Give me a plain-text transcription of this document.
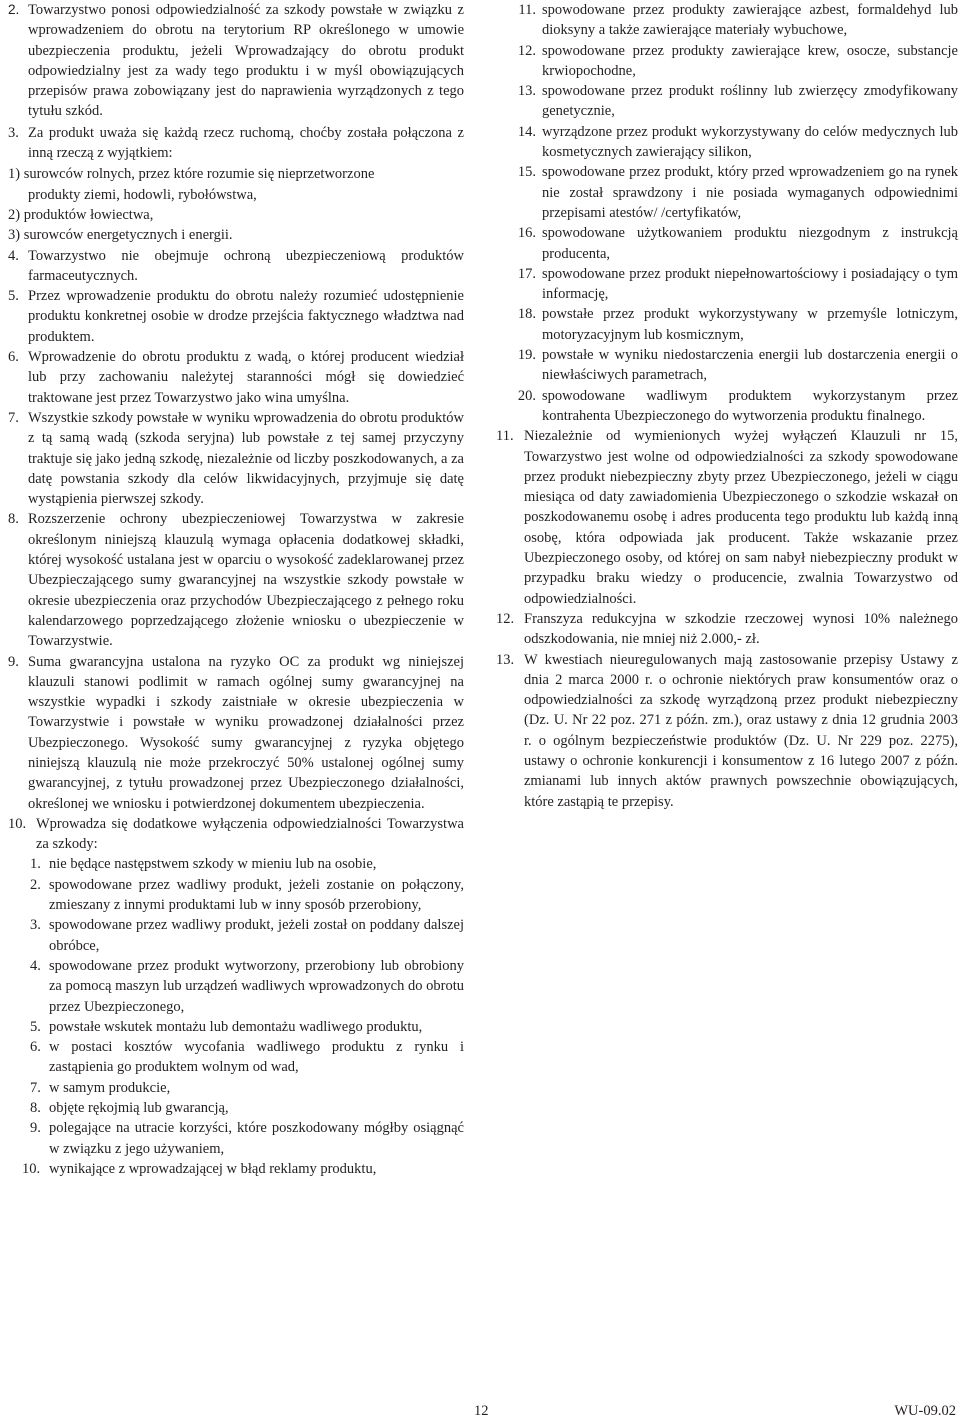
2. Towarzystwo ponosi odpowiedzialność za szkody powstałe w związku z wprowadzeniem do obrotu na terytorium RP określonego w umowie ubezpieczenia produktu, jeżeli Wprowadzający do obrotu produkt odpowiedzialny jest za wady tego produktu i w myśl obowiązujących przepisów prawa zobowiązany jest do naprawienia wyrządzonych z tego tytułu szkód.
3. Za produkt uważa się każdą rzecz ruchomą, choćby została połączona z inną rzeczą z wyjątkiem:
1) surowców rolnych, przez które rozumie się nieprzetworzone
produkty ziemi, hodowli, rybołówstwa,
2) produktów łowiectwa,
3) surowców energetycznych i energii.
4. Towarzystwo nie obejmuje ochroną ubezpieczeniową produktów farmaceutycznych.
5. Przez wprowadzenie produktu do obrotu należy rozumieć udostępnienie produktu konkretnej osobie w drodze przejścia faktycznego władztwa nad produktem.
6. Wprowadzenie do obrotu produktu z wadą, o której producent wiedział lub przy zachowaniu należytej staranności mógł się dowiedzieć traktowane jest przez Towarzystwo jako wina umyślna.
7. Wszystkie szkody powstałe w wyniku wprowadzenia do obrotu produktów z tą samą wadą (szkoda seryjna) lub powstałe z tej samej przyczyny traktuje się jako jedną szkodę, niezależnie od liczby poszkodowanych, a za datę powstania szkody dla celów likwidacyjnych, przyjmuje się datę wystąpienia pierwszej szkody.
8. Rozszerzenie ochrony ubezpieczeniowej Towarzystwa w zakresie określonym niniejszą klauzulą wymaga opłacenia dodatkowej składki, której wysokość ustalana jest w oparciu o wysokość zadeklarowanej przez Ubezpieczającego sumy gwarancyjnej na wszystkie szkody powstałe w okresie ubezpieczenia oraz przychodów Ubezpieczającego z pełnego roku kalendarzowego poprzedzającego złożenie wniosku o ubezpieczenie w Towarzystwie.
9. Suma gwarancyjna ustalona na ryzyko OC za produkt wg niniejszej klauzuli stanowi podlimit w ramach ogólnej sumy gwarancyjnej na wszystkie wypadki i szkody zaistniałe w okresie ubezpieczenia w Towarzystwie i powstałe w wyniku prowadzonej działalności przez Ubezpieczonego. Wysokość sumy gwarancyjnej z ryzyka objętego niniejszą klauzulą nie może przekroczyć 50% ustalonej ogólnej sumy gwarancyjnej, z tytułu prowadzonej przez Ubezpieczonego działalności, określonej we wniosku i potwierdzonej dokumentem ubezpieczenia.
10. Wprowadza się dodatkowe wyłączenia odpowiedzialności Towarzystwa za szkody:
1. nie będące następstwem szkody w mieniu lub na osobie,
2. spowodowane przez wadliwy produkt, jeżeli zostanie on połączony, zmieszany z innymi produktami lub w inny sposób przerobiony,
3. spowodowane przez wadliwy produkt, jeżeli został on poddany dalszej obróbce,
4. spowodowane przez produkt wytworzony, przerobiony lub obrobiony za pomocą maszyn lub urządzeń wadliwych wprowadzonych do obrotu przez Ubezpieczonego,
5. powstałe wskutek montażu lub demontażu wadliwego produktu,
6. w postaci kosztów wycofania wadliwego produktu z rynku i zastąpienia go produktem wolnym od wad,
7. w samym produkcie,
8. objęte rękojmią lub gwarancją,
9. polegające na utracie korzyści, które poszkodowany mógłby osiągnąć w związku z jego używaniem,
10. wynikające z wprowadzającej w błąd reklamy produktu,
11. spowodowane przez produkty zawierające azbest, formaldehyd lub dioksyny a także zawierające materiały wybuchowe,
12. spowodowane przez produkty zawierające krew, osocze, substancje krwiopochodne,
13. spowodowane przez produkt roślinny lub zwierzęcy zmodyfikowany genetycznie,
14. wyrządzone przez produkt wykorzystywany do celów medycznych lub kosmetycznych zawierający silikon,
15. spowodowane przez produkt, który przed wprowadzeniem go na rynek nie został sprawdzony i nie posiada wymaganych odpowiednimi przepisami atestów/ /certyfikatów,
16. spowodowane użytkowaniem produktu niezgodnym z instrukcją producenta,
17. spowodowane przez produkt niepełnowartościowy i posiadający o tym informację,
18. powstałe przez produkt wykorzystywany w przemyśle lotniczym, motoryzacyjnym lub kosmicznym,
19. powstałe w wyniku niedostarczenia energii lub dostarczenia energii o niewłaściwych parametrach,
20. spowodowane wadliwym produktem wykorzystanym przez kontrahenta Ubezpieczonego do wytworzenia produktu finalnego.
11. Niezależnie od wymienionych wyżej wyłączeń Klauzuli nr 15, Towarzystwo jest wolne od odpowiedzialności za szkody spowodowane przez produkt niebezpieczny zbyty przez Ubezpieczonego, jeżeli w ciągu miesiąca od daty zawiadomienia Ubezpieczonego o szkodzie wskazał on poszkodowanemu osobę i adres producenta tego produktu lub każdą inną osobę, która odpowiada jak producent. Także wskazanie przez Ubezpieczonego osoby, od której on sam nabył niebezpieczny produkt w przypadku braku wiedzy o producencie, zwalnia Towarzystwo od odpowiedzialności.
12. Franszyza redukcyjna w szkodzie rzeczowej wynosi 10% należnego odszkodowania, nie mniej niż 2.000,- zł.
13. W kwestiach nieuregulowanych mają zastosowanie przepisy Ustawy z dnia 2 marca 2000 r. o ochronie niektórych praw konsumentów oraz o odpowiedzialności za szkodę wyrządzoną przez produkt niebezpieczny (Dz. U. Nr 22 poz. 271 z późn. zm.), oraz ustawy z dnia 12 grudnia 2003 r. o ogólnym bezpieczeństwie produktów (Dz. U. Nr 229 poz. 2275), ustawy o ochronie konkurencji i konsumentow z 16 lutego 2007 z późn. zmianami lub innych aktów prawnych powszechnie obowiązujących, które zastąpią te przepisy.
12	WU-09.02
